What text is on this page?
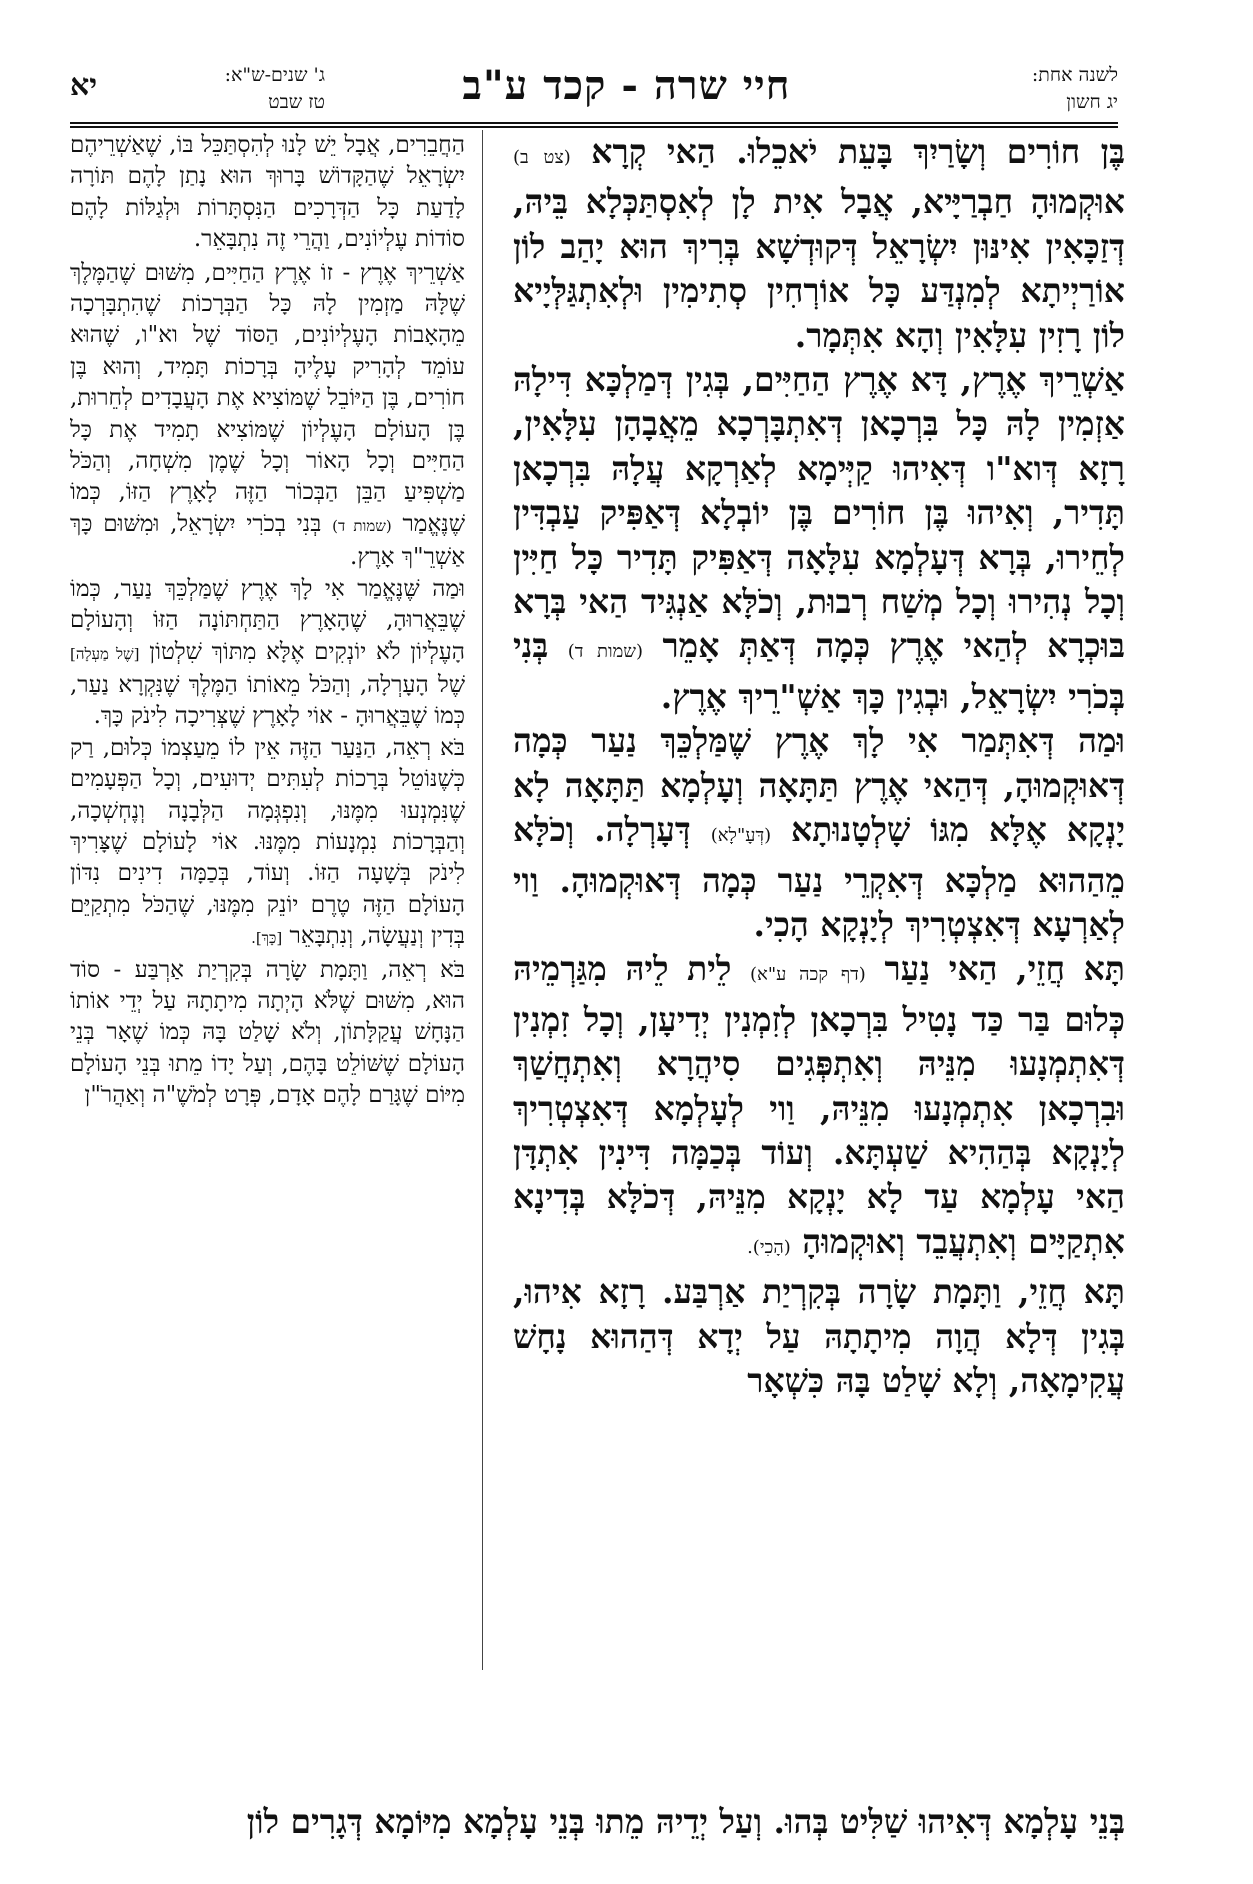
לשנה אחת:
יג חשון
חיי שרה - קכד ע"ב
ג' שנים-ש"א:
טז שבט
יא

בֶּן חוֹרִים וְשָׂרַיִךְ בָּעֵת יֹאכֵלוּ. הַאי קְרָא (צט ב) אוּקְמוּהָ חַבְרַיָּיא, אֲבָל אִית לָן לְאִסְתַּכְּלָא בֵּיהּ, דְּזַכָּאִין אִינּוּן יִשְׂרָאֵל דְּקוּדְשָׁא בְּרִיךְ הוּא יָהַב לוֹן אוֹרַיְיתָא לְמִנְדַּע כָּל אוֹרְחִין סְתִימִין וּלְאִתְגַּלְּיָיא לוֹן רָזִין עִלָּאִין וְהָא אִתְּמָר.

אַשְׁרֵיךְ אֶרֶץ, דָּא אֶרֶץ הַחַיִּים, בְּגִין דְּמַלְכָּא דִּילָהּ אַזְמִין לָהּ כָּל בִּרְכָאן דְּאִתְבָּרְכָא מֵאֲבָהָן עִלָּאִין, רָזָא דְּוא"ו דְּאִיהוּ קַיְּימָא לְאַרְקָא עֲלָהּ בִּרְכָאן תָּדִיר, וְאִיהוּ בֶּן חוֹרִים בֶּן יוֹבְלָא דְּאַפִּיק עַבְדִּין לְחֵירוּ, בְּרָא דְּעָלְמָא עִלָּאָה דְּאַפִּיק תָּדִיר כָּל חַיִּין וְכָל נְהִירוּ וְכָל מְשַׁח רְבוּת, וְכֹלָּא אַנְגִּיד הַאי בְּרָא בּוּכְרָא לְהַאי אֶרֶץ כְּמָה דְּאַתְּ אָמֵר (שמות ד) בְּנִי בְּכֹרִי יִשְׂרָאֵל, וּבְגִין כָּךְ אַשְׁ"רֵיךְ אֶרֶץ.

וּמַה דְּאִתְּמַר אִי לָךְ אֶרֶץ שֶׁמַּלְכֵּךְ נַעַר כְּמָה דְּאוּקְמוּהָ, דְּהַאי אֶרֶץ תַּתָּאָה וְעָלְמָא תַּתָּאָה לָא יָנְקָא אֶלָּא מִגּוֹ שָׁלְטָנוּתָא (דְּעָ"לָא) דְּעָרְלָה. וְכֹלָּא מֵהַהוּא מַלְכָּא דְּאִקְרֵי נַעַר כְּמָה דְּאוּקְמוּהָ. וַוי לְאַרְעָא דְּאִצְטְרִיךְ לְיָנְקָא הָכִי.

תָּא חֲזֵי, הַאי נַעַר (דף קכה ע"א) לֵית לֵיהּ מִגַּרְמֵיהּ כְּלוּם בַּר כַּד נָטִיל בִּרְכָאן לְזִמְנִין יְדִיעָן, וְכָל זִמְנִין דְּאִתְמְנָעוּ מִנֵּיהּ וְאִתְפְּגִים סִיהֲרָא וְאִתְחֲשַׁךְ וּבִרְכָאן אִתְמְנָעוּ מִנֵּיהּ, וַוי לְעָלְמָא דְּאִצְטְרִיךְ לְיָנְקָא בְּהַהִיא שַׁעְתָּא. וְעוֹד בְּכַמָּה דִּינִין אִתְדָּן הַאי עָלְמָא עַד לָא יָנְקָא מִנֵּיהּ, דְּכֹלָּא בְּדִינָא אִתְקַיָּים וְאִתְעֲבֵד וְאוּקְמוּהָ (הָכִי).

תָּא חֲזֵי, וַתָּמָת שָׂרָה בְּקִרְיַת אַרְבַּע. רָזָא אִיהוּ, בְּגִין דְּלָא הֲוָה מִיתָתָהּ עַל יְדָא דְּהַהוּא נָחָשׁ עֲקִימָאָה, וְלָא שָׁלַט בָּהּ כִּשְׁאָר

הַחֲבֵרִים, אֲבָל יֵשׁ לָנוּ לְהִסְתַּכֵּל בּוֹ, שֶׁאַשְׁרֵיהֶם יִשְׂרָאֵל שֶׁהַקָּדוֹשׁ בָּרוּךְ הוּא נָתַן לָהֶם תּוֹרָה לָדַעַת כָּל הַדְּרָכִים הַנִּסְתָּרוֹת וּלְגַלּוֹת לָהֶם סוֹדוֹת עֶלְיוֹנִים, וַהֲרֵי זֶה נִתְבָּאֵר.

אַשְׁרֵיךְ אֶרֶץ - זוֹ אֶרֶץ הַחַיִּים, מִשּׁוּם שֶׁהַמֶּלֶךְ שֶׁלָּהּ מַזְמִין לָהּ כָּל הַבְּרָכוֹת שֶׁהִתְבָּרְכָה מֵהָאָבוֹת הָעֶלְיוֹנִים, הַסּוֹד שֶׁל וא"ו, שֶׁהוּא עוֹמֵד לְהָרִיק עָלֶיהָ בְּרָכוֹת תָּמִיד, וְהוּא בֶּן חוֹרִים, בֶּן הַיּוֹבֵל שֶׁמּוֹצִיא אֶת הָעֲבָדִים לְחֵרוּת, בֶּן הָעוֹלָם הָעֶלְיוֹן שֶׁמּוֹצִיא תָמִיד אֶת כָּל הַחַיִּים וְכָל הָאוֹר וְכָל שֶׁמֶן מִשְׁחָה, וְהַכֹּל מַשְׁפִּיעַ הַבֵּן הַבְּכוֹר הַזֶּה לָאָרֶץ הַזּוֹ, כְּמוֹ שֶׁנֶּאֱמַר (שמות ד) בְּנִי בְכֹרִי יִשְׂרָאֵל, וּמִשּׁוּם כָּךְ אַשְׁרֵ"ךְ אָרֶץ.

וּמַה שֶּׁנֶּאֱמַר אִי לָךְ אֶרֶץ שֶׁמַּלְכֵּךְ נַעַר, כְּמוֹ שֶׁבֵּאֲרוּהָ, שֶׁהָאָרֶץ הַתַּחְתּוֹנָה הַזּוֹ וְהָעוֹלָם הָעֶלְיוֹן לֹא יוֹנְקִים אֶלָּא מִתּוֹךְ שִׁלְטוֹן [שֶׁל מַעְלָה] שֶׁל הָעָרְלָה, וְהַכֹּל מֵאוֹתוֹ הַמֶּלֶךְ שֶׁנִּקְרָא נַעַר, כְּמוֹ שֶׁבֵּאֲרוּהָ - אוֹי לָאָרֶץ שֶׁצְּרִיכָה לִינֹק כָּךְ.

בֹּא רְאֵה, הַנַּעַר הַזֶּה אֵין לוֹ מֵעַצְמוֹ כְּלוּם, רַק כְּשֶׁנּוֹטֵל בְּרָכוֹת לְעִתִּים יְדוּעִים, וְכָל הַפְּעָמִים שֶׁנִּמְנְעוּ מִמֶּנּוּ, וְנִפְגְּמָה הַלְּבָנָה וְנֶחְשְׁכָה, וְהַבְּרָכוֹת נִמְנָעוֹת מִמֶּנּוּ. אוֹי לָעוֹלָם שֶׁצָּרִיךְ לִינֹק בְּשָׁעָה הַזּוֹ. וְעוֹד, בְּכַמָּה דִינִים נִדּוֹן הָעוֹלָם הַזֶּה טֶרֶם יוֹנֵק מִמֶּנּוּ, שֶׁהַכֹּל מִתְקַיֵּם בְּדִין וְנַעֲשָׂה, וְנִתְבָּאֵר [כָּךְ].

בֹּא רְאֵה, וַתָּמָת שָׂרָה בְּקִרְיַת אַרְבַּע - סוֹד הוּא, מִשּׁוּם שֶׁלֹּא הָיְתָה מִיתָתָהּ עַל יְדֵי אוֹתוֹ הַנָּחָשׁ עֲקַלָּתוֹן, וְלֹא שָׁלַט בָּהּ כְּמוֹ שֶׁאָר בְּנֵי הָעוֹלָם שֶׁשּׁוֹלֵט בָּהֶם, וְעַל יָדוֹ מֵתוּ בְּנֵי הָעוֹלָם מִיּוֹם שֶׁגָּרַם לָהֶם אָדָם, פְּרָט לְמֹשֶׁ"ה וְאַהֲרֹ"ן

בְּנֵי עָלְמָא דְּאִיהוּ שַׁלִּיט בְּהוּ. וְעַל יְדֵיהּ מֵתוּ בְּנֵי עָלְמָא מִיּוֹמָא דְּגָרִים לוֹן
